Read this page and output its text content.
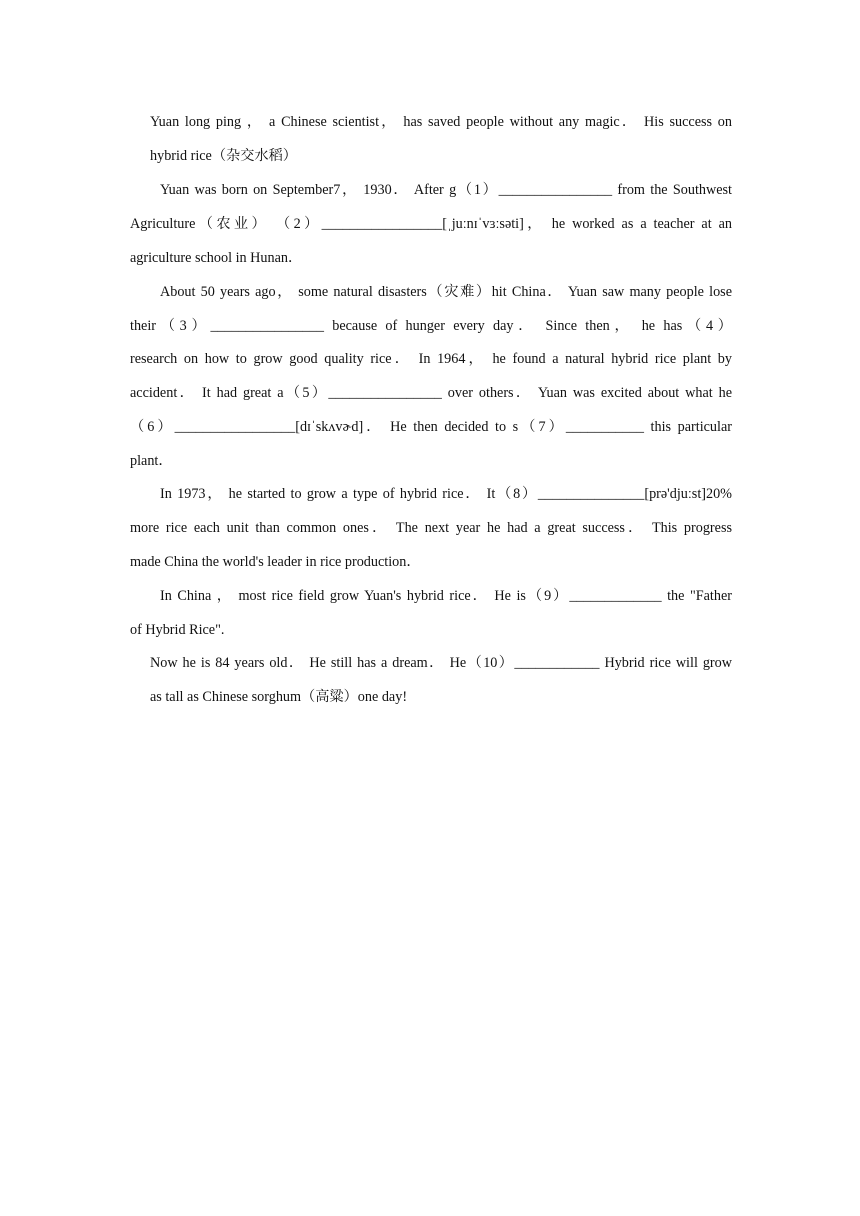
Yuan long ping ， a Chinese scientist， has saved people without any magic． His success on
hybrid rice（杂交水稻）
Yuan was born on September7， 1930． After g（1）________________ from the Southwest
Agriculture（农业） （2）_________________[ˌjuːnɪˈvɜːsəti]， he worked as a teacher at an
agriculture school in Hunan．
About 50 years ago， some natural disasters（灾难）hit China． Yuan saw many people lose
their（3）________________ because of hunger every day． Since then， he has（4）
research on how to grow good quality rice． In 1964， he found a natural hybrid rice plant by
accident． It had great a（5）________________ over others． Yuan was excited about what he
（6）_________________[dɪˈskʌvɚd]． He then decided to s（7）___________ this particular
plant．
In 1973， he started to grow a type of hybrid rice． It（8）_______________[prə'djuːst]20%
more rice each unit than common ones． The next year he had a great success． This progress
made China the world's leader in rice production．
In China ， most rice field grow Yuan's hybrid rice． He is（9）_____________ the "Father
of Hybrid Rice".
Now he is 84 years old． He still has a dream． He（10）____________ Hybrid rice will grow
as tall as Chinese sorghum（高粱）one day!
